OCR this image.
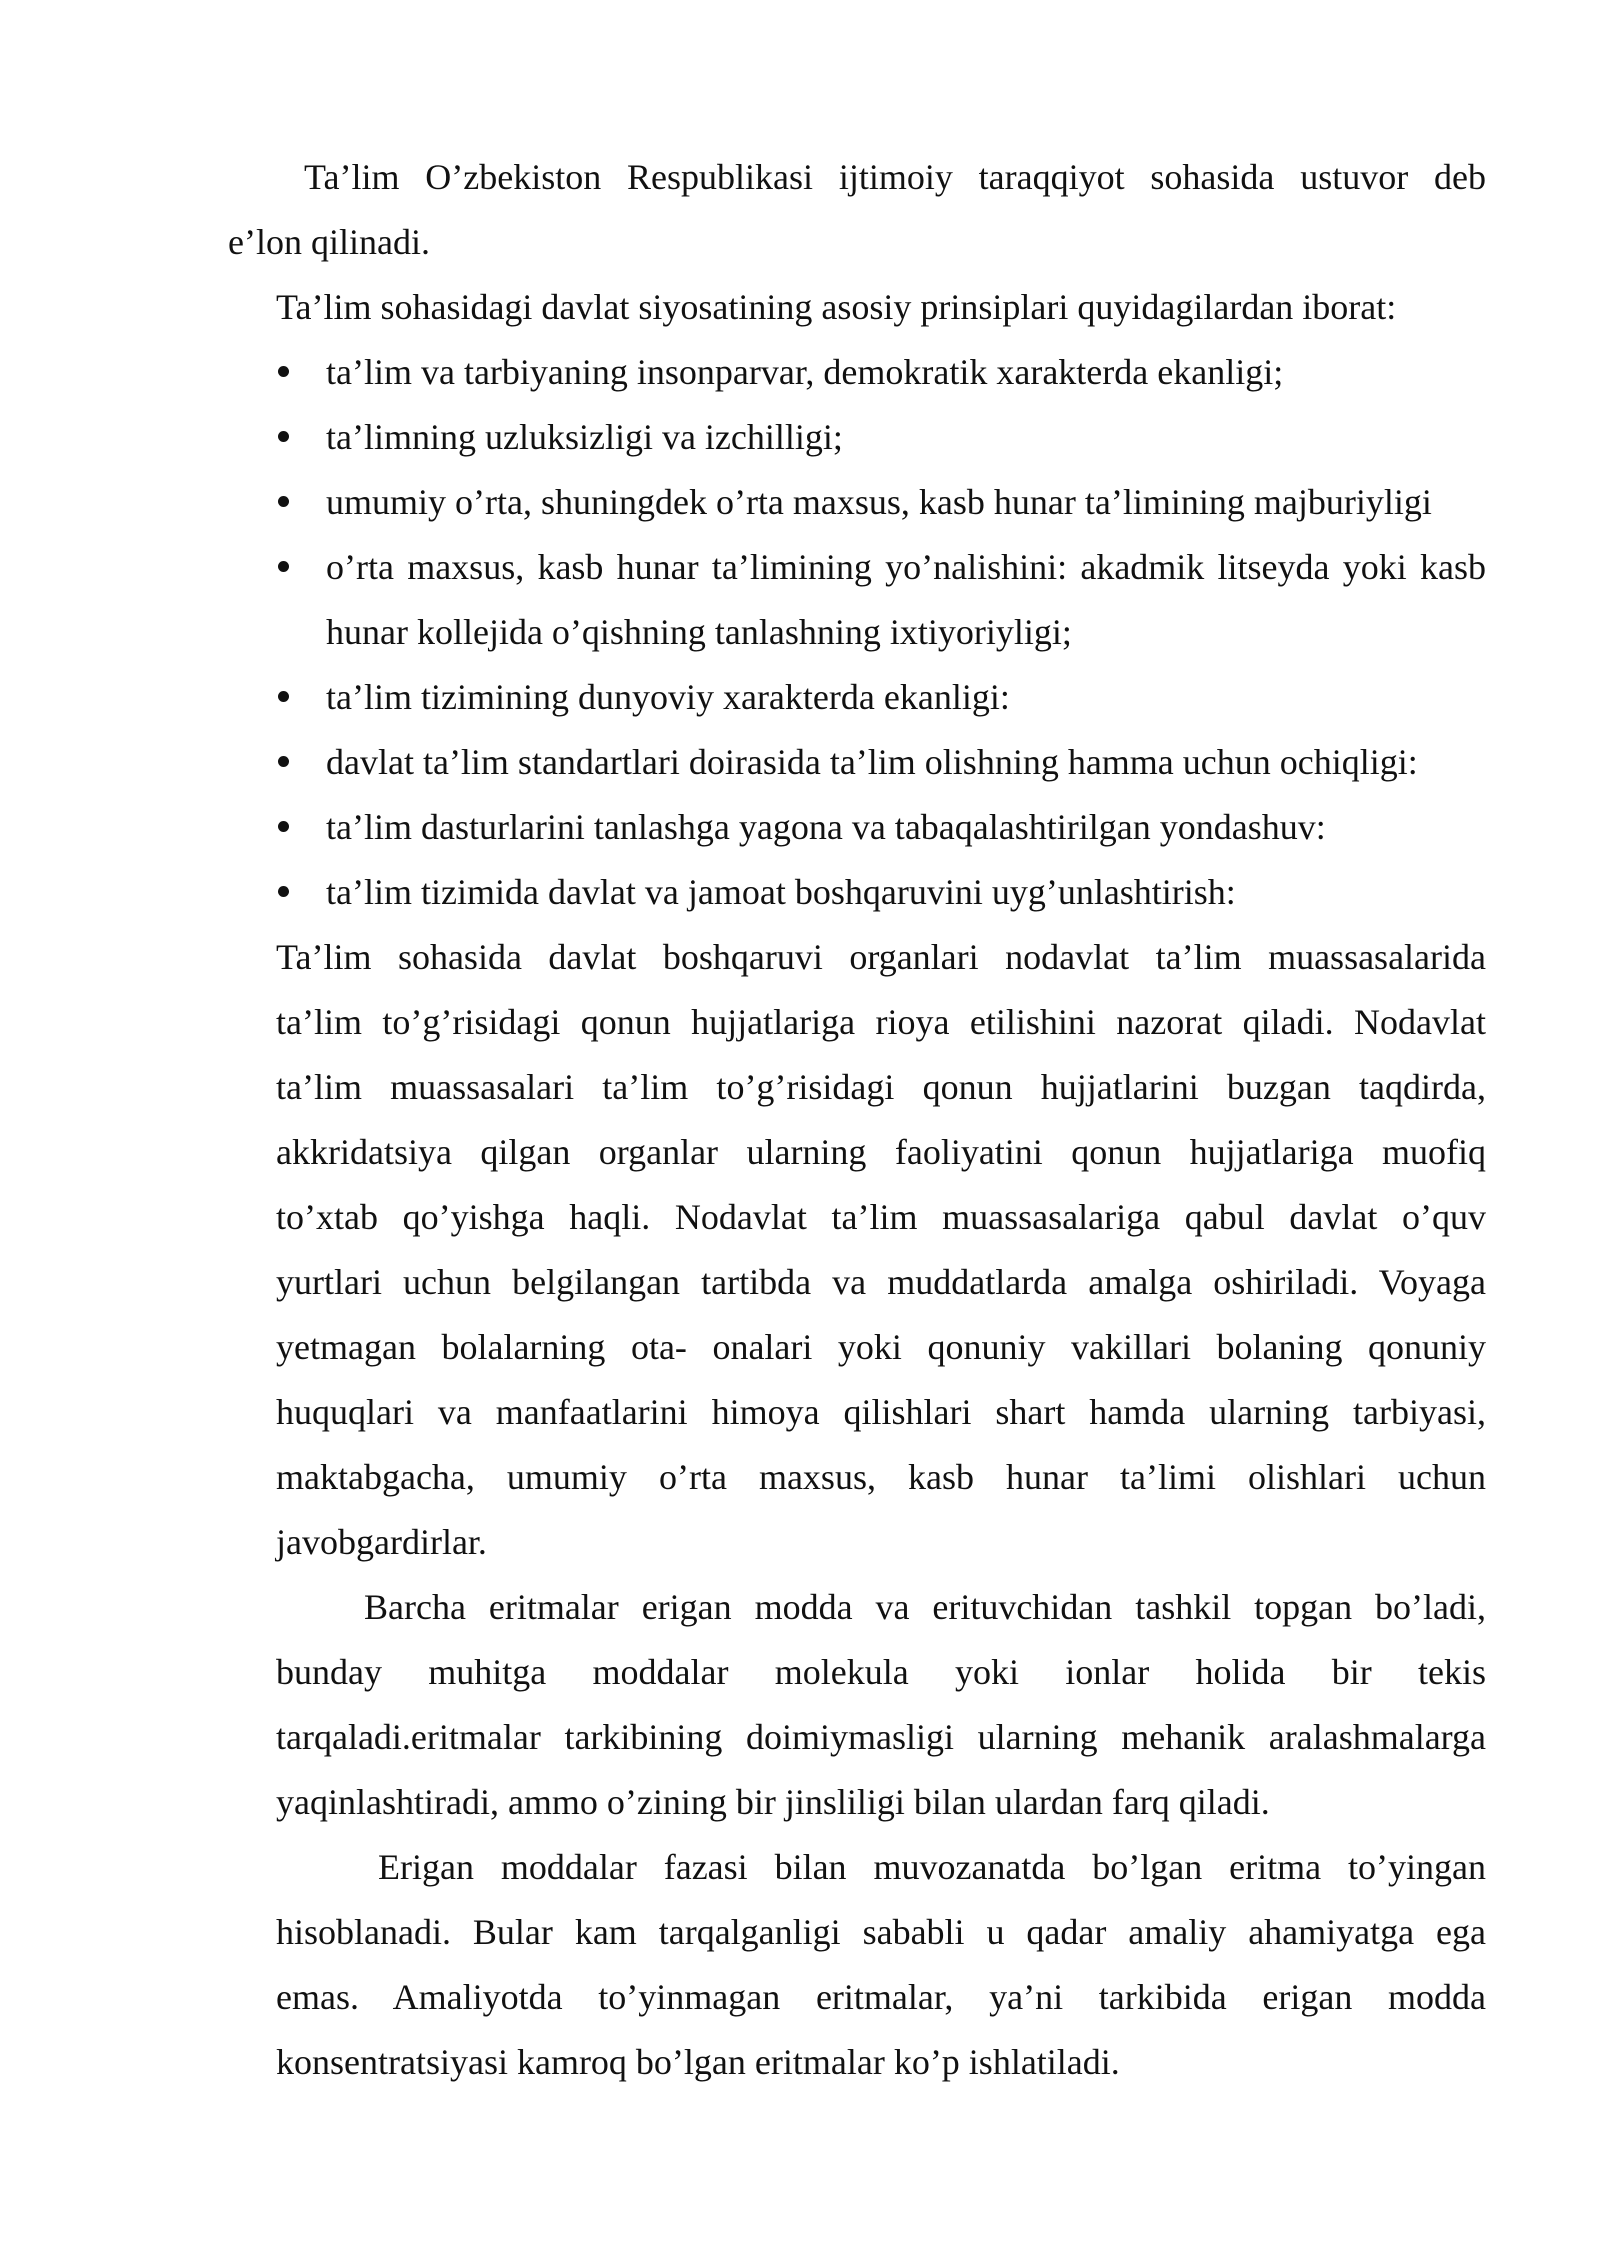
Ta’lim O’zbekiston Respublikasi ijtimoiy taraqqiyot sohasida ustuvor deb
e’lon qilinadi.
Ta’lim sohasidagi davlat siyosatining asosiy prinsiplari quyidagilardan iborat:
ta’lim va tarbiyaning insonparvar, demokratik xarakterda ekanligi;
ta’limning uzluksizligi va izchilligi;
umumiy o’rta, shuningdek o’rta maxsus, kasb hunar ta’limining majburiyligi
o’rta maxsus, kasb hunar ta’limining yo’nalishini: akadmik litseyda yoki kasb hunar kollejida o’qishning tanlashning ixtiyoriyligi;
ta’lim tizimining dunyoviy xarakterda ekanligi:
davlat ta’lim standartlari doirasida ta’lim olishning hamma uchun ochiqligi:
ta’lim dasturlarini tanlashga yagona va tabaqalashtirilgan yondashuv:
ta’lim tizimida davlat va jamoat boshqaruvini uyg’unlashtirish:
Ta’lim sohasida davlat boshqaruvi organlari nodavlat ta’lim muassasalarida
ta’lim to’g’risidagi qonun hujjatlariga rioya etilishini nazorat qiladi. Nodavlat
ta’lim muassasalari ta’lim to’g’risidagi qonun hujjatlarini buzgan taqdirda,
akkridatsiya qilgan organlar ularning faoliyatini qonun hujjatlariga muofiq
to’xtab qo’yishga haqli. Nodavlat ta’lim muassasalariga qabul davlat o’quv
yurtlari uchun belgilangan tartibda va muddatlarda amalga oshiriladi. Voyaga
yetmagan bolalarning ota- onalari yoki qonuniy vakillari bolaning qonuniy
huquqlari va manfaatlarini himoya qilishlari shart hamda ularning tarbiyasi,
maktabgacha, umumiy o’rta maxsus, kasb hunar ta’limi olishlari uchun
javobgardirlar.
Barcha eritmalar erigan modda va erituvchidan tashkil topgan bo’ladi,
bunday muhitga moddalar molekula yoki ionlar holida bir tekis
tarqaladi.eritmalar tarkibining doimiymasligi ularning mehanik aralashmalarga
yaqinlashtiradi, ammo o’zining bir jinsliligi bilan ulardan farq qiladi.
Erigan moddalar fazasi bilan muvozanatda bo’lgan eritma to’yingan
hisoblanadi. Bular kam tarqalganligi sababli u qadar amaliy ahamiyatga ega
emas. Amaliyotda to’yinmagan eritmalar, ya’ni tarkibida erigan modda
konsentratsiyasi kamroq bo’lgan eritmalar ko’p ishlatiladi.
